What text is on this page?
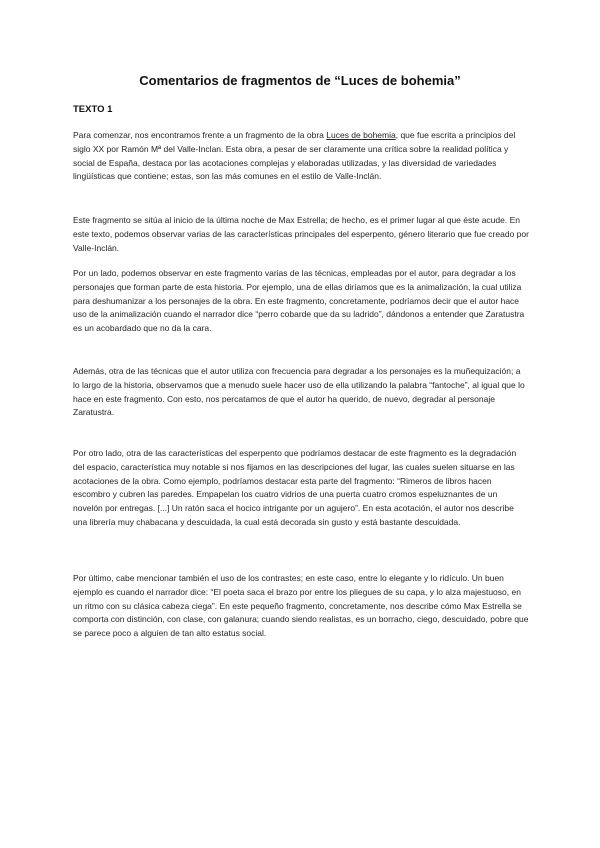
Comentarios de fragmentos de “Luces de bohemia”
TEXTO 1

Para comenzar, nos encontramos frente a un fragmento de la obra Luces de bohemia, que fue escrita a principios del siglo XX por Ramón Mª del Valle-Inclan. Esta obra, a pesar de ser claramente una crítica sobre la realidad política y social de España, destaca por las acotaciones complejas y elaboradas utilizadas, y las diversidad de variedades lingüísticas que contiene; estas, son las más comunes en el estilo de Valle-Inclán.

Este fragmento se sitúa al inicio de la última noche de Max Estrella; de hecho, es el primer lugar al que éste acude. En este texto, podemos observar varias de las características principales del esperpento, género literario que fue creado por Valle-Inclán.

Por un lado, podemos observar en este fragmento varias de las técnicas, empleadas por el autor, para degradar a los personajes que forman parte de esta historia. Por ejemplo, una de ellas diríamos que es la animalización, la cual utiliza para deshumanizar a los personajes de la obra. En este fragmento, concretamente, podríamos decir que el autor hace uso de la animalización cuando el narrador dice “perro cobarde que da su ladrido”, dándonos a entender que Zaratustra es un acobardado que no da la cara.

Además, otra de las técnicas que el autor utiliza con frecuencia para degradar a los personajes es la muñequización; a lo largo de la historia, observamos que a menudo suele hacer uso de ella utilizando la palabra “fantoche”, al igual que lo hace en este fragmento. Con esto, nos percatamos de que el autor ha querido, de nuevo, degradar al personaje Zaratustra.

Por otro lado, otra de las características del esperpento que podríamos destacar de este fragmento es la degradación del espacio, característica muy notable si nos fijamos en las descripciones del lugar, las cuales suelen situarse en las acotaciones de la obra. Como ejemplo, podríamos destacar esta parte del fragmento: “Rimeros de libros hacen escombro y cubren las paredes. Empapelan los cuatro vidrios de una puerta cuatro cromos espeluznantes de un novelón por entregas. [...] Un ratón saca el hocico intrigante por un agujero”. En esta acotación, el autor nos describe una librería muy chabacana y descuidada, la cual está decorada sin gusto y está bastante descuidada.

Por último, cabe mencionar también el uso de los contrastes; en este caso, entre lo elegante y lo ridículo. Un buen ejemplo es cuando el narrador dice: “El poeta saca el brazo por entre los pliegues de su capa, y lo alza majestuoso, en un ritmo con su clásica cabeza ciega”. En este pequeño fragmento, concretamente, nos describe cómo Max Estrella se comporta con distinción, con clase, con galanura; cuando siendo realistas, es un borracho, ciego, descuidado, pobre que se parece poco a alguien de tan alto estatus social.
